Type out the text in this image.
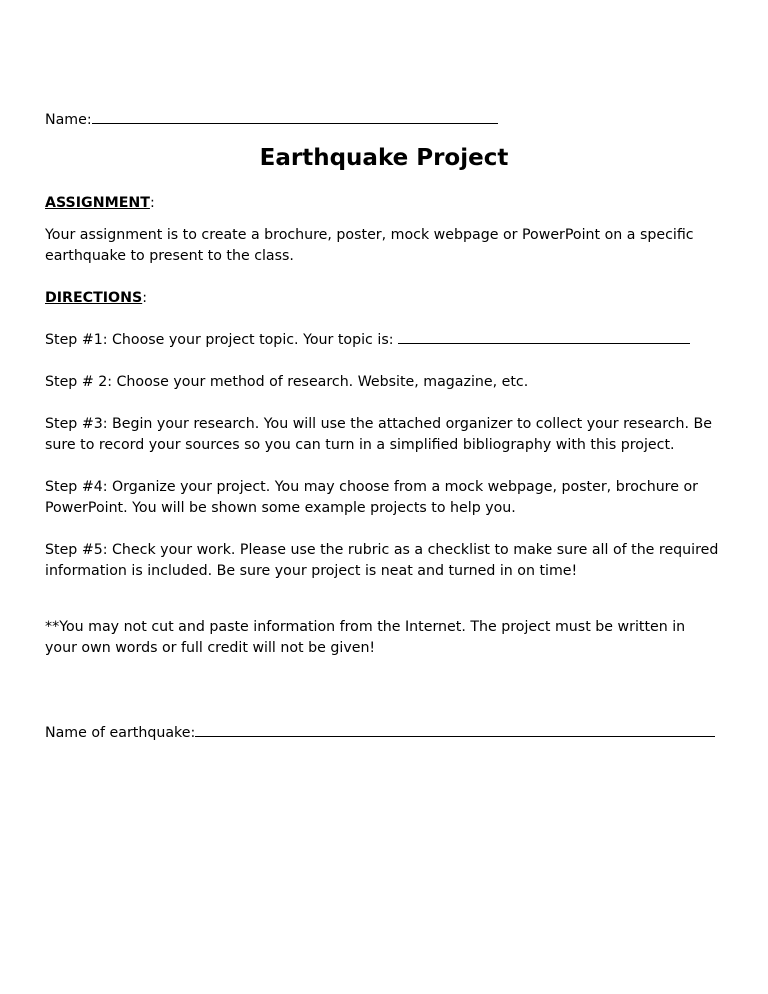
Name:
Earthquake Project
ASSIGNMENT:

Your assignment is to create a brochure, poster, mock webpage or PowerPoint on a specific

earthquake to present to the class.

DIRECTIONS:
Step #1: Choose your project topic. Your topic is:
Step # 2: Choose your method of research. Website, magazine, etc.

Step #3: Begin your research. You will use the attached organizer to collect your research. Be

sure to record your sources so you can turn in a simplified bibliography with this project.

Step #4: Organize your project. You may choose from a mock webpage, poster, brochure or

PowerPoint. You will be shown some example projects to help you.

Step #5: Check your work. Please use the rubric as a checklist to make sure all of the required

information is included. Be sure your project is neat and turned in on time!

**You may not cut and paste information from the Internet. The project must be written in

your own words or full credit will not be given!

Name of earthquake:
